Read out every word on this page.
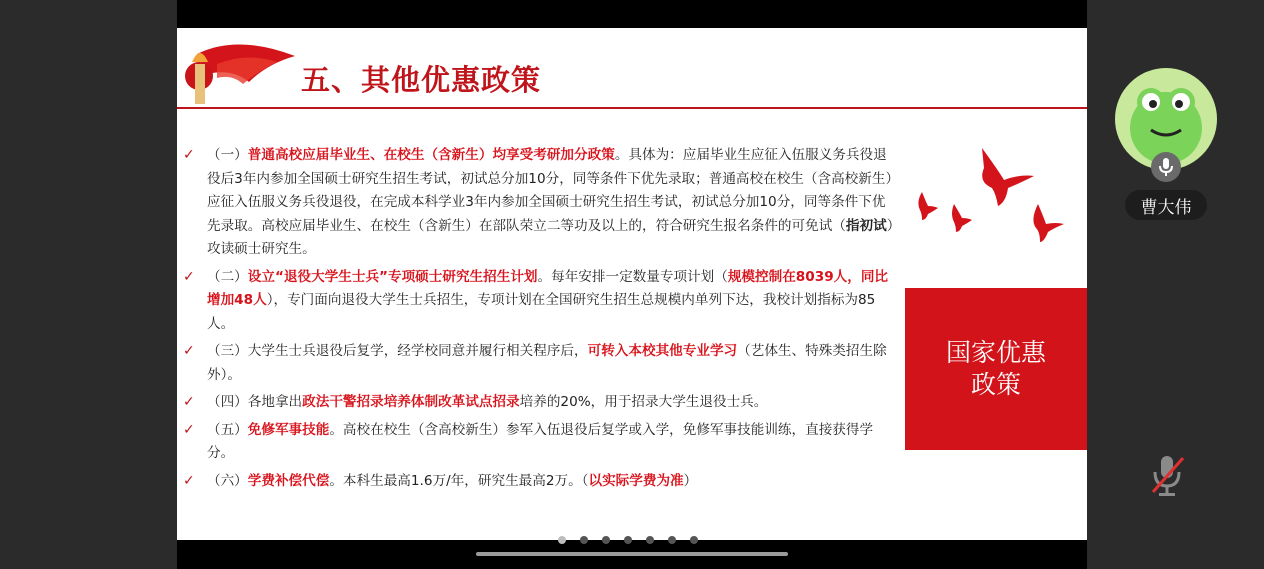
五、其他优惠政策
✓ （一）普通高校应届毕业生、在校生（含新生）均享受考研加分政策。具体为：应届毕业生应征入伍服义务兵役退役后3年内参加全国硕士研究生招生考试，初试总分加10分，同等条件下优先录取；普通高校在校生（含高校新生）应征入伍服义务兵役退役，在完成本科学业3年内参加全国硕士研究生招生考试，初试总分加10分，同等条件下优先录取。高校应届毕业生、在校生（含新生）在部队荣立二等功及以上的，符合研究生报名条件的可免试（指初试）攻读硕士研究生。
✓ （二）设立“退役大学生士兵”专项硕士研究生招生计划。每年安排一定数量专项计划（规模控制在8039人，同比增加48人），专门面向退役大学生士兵招生，专项计划在全国研究生招生总规模内单列下达，我校计划指标为85人。
✓ （三）大学生士兵退役后复学，经学校同意并履行相关程序后，可转入本校其他专业学习（艺体生、特殊类招生除外）。
✓ （四）各地拿出政法干警招录培养体制改革试点招录培养的20%，用于招录大学生退役士兵。
✓ （五）免修军事技能。高校在校生（含高校新生）参军入伍退役后复学或入学，免修军事技能训练，直接获得学分。
✓ （六）学费补偿代偿。本科生最高1.6万/年，研究生最高2万。（以实际学费为准）
国家优惠
政策
曹大伟
